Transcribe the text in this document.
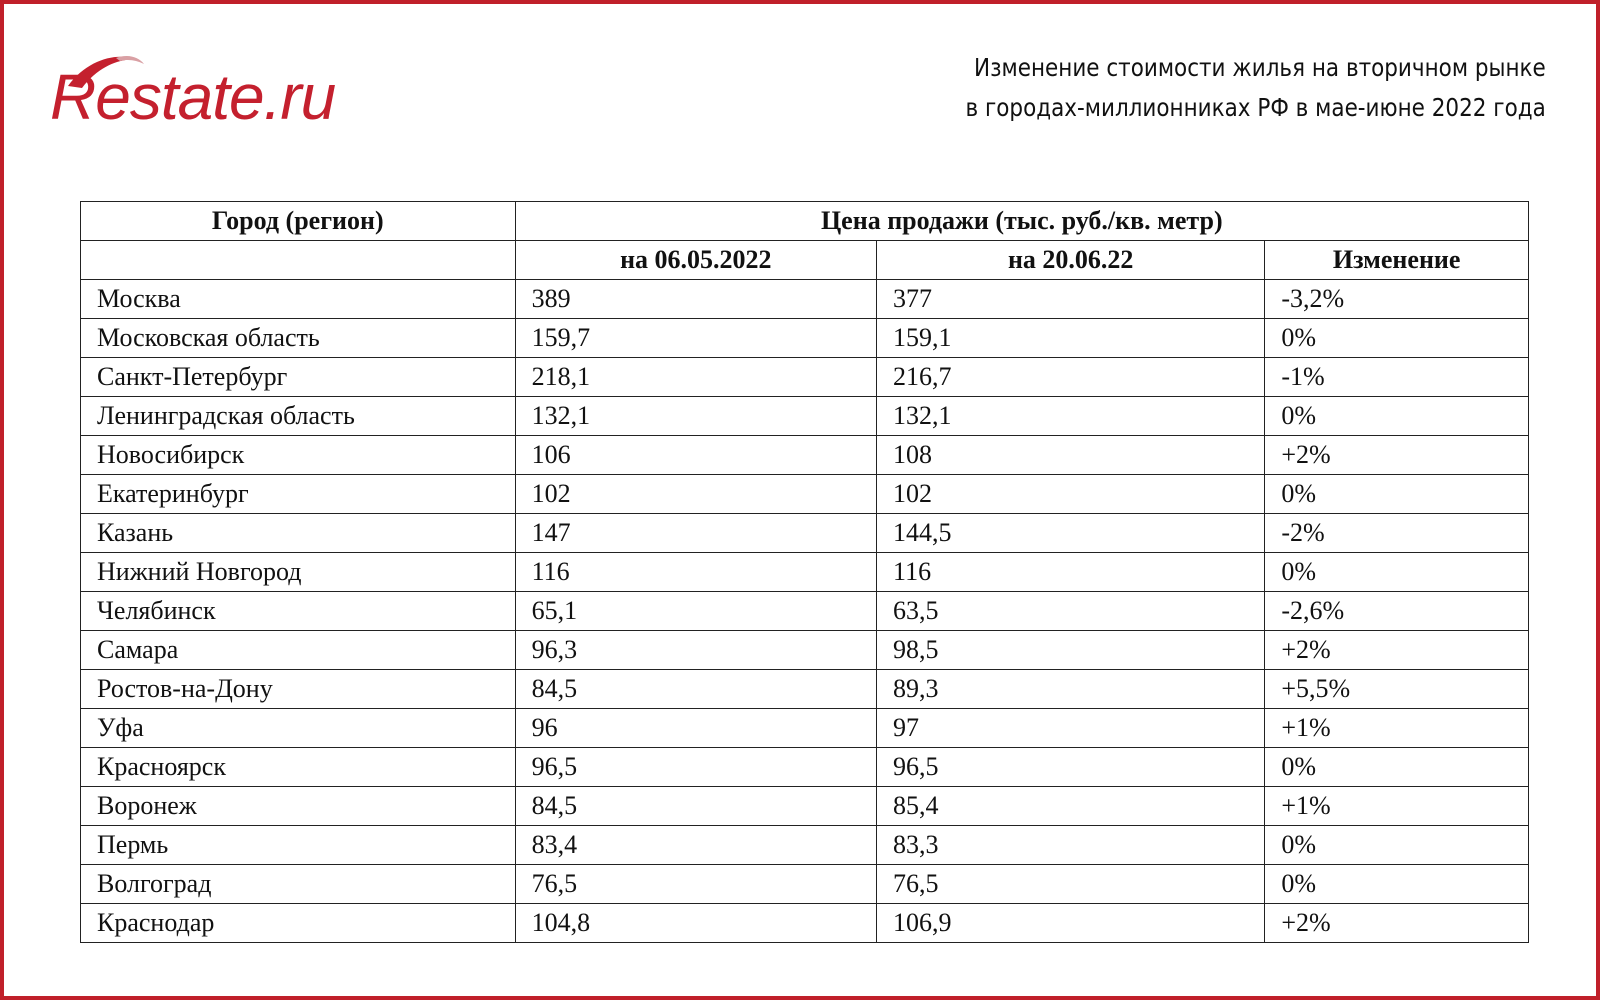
Restate.ru	Изменение стоимости жилья на вторичном рынке
в городах-миллионниках РФ в мае-июне 2022 года
Город (регион)	Цена продажи (тыс. руб./кв. метр)		
	на 06.05.2022	на 20.06.22	Изменение
Москва	389	377	-3,2%
Московская область	159,7	159,1	0%
Санкт-Петербург	218,1	216,7	-1%
Ленинградская область	132,1	132,1	0%
Новосибирск	106	108	+2%
Екатеринбург	102	102	0%
Казань	147	144,5	-2%
Нижний Новгород	116	116	0%
Челябинск	65,1	63,5	-2,6%
Самара	96,3	98,5	+2%
Ростов-на-Дону	84,5	89,3	+5,5%
Уфа	96	97	+1%
Красноярск	96,5	96,5	0%
Воронеж	84,5	85,4	+1%
Пермь	83,4	83,3	0%
Волгоград	76,5	76,5	0%
Краснодар	104,8	106,9	+2%
